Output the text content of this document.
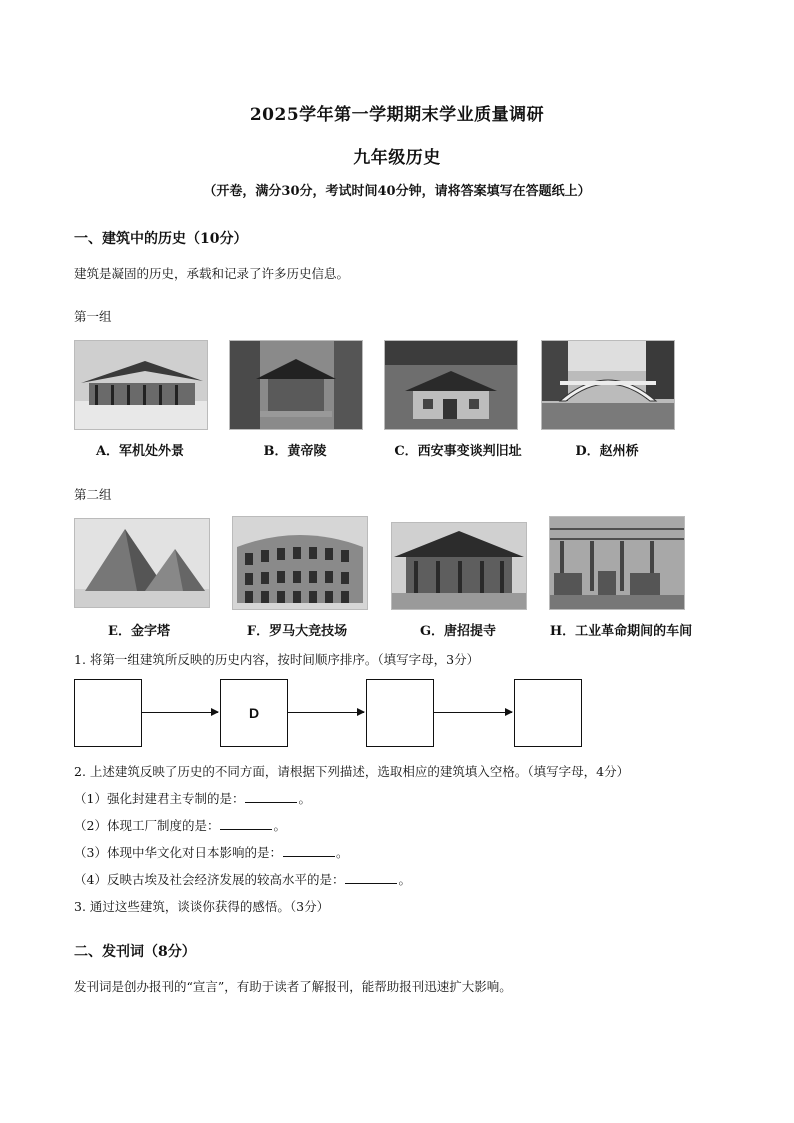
2025学年第一学期期末学业质量调研
九年级历史
（开卷，满分30分，考试时间40分钟，请将答案填写在答题纸上）
一、建筑中的历史（10分）
建筑是凝固的历史，承载和记录了许多历史信息。
第一组
A．军机处外景	B．黄帝陵	C．西安事变谈判旧址	D．赵州桥
第二组
E．金字塔	F．罗马大竞技场	G．唐招提寺	H．工业革命期间的车间
1. 将第一组建筑所反映的历史内容，按时间顺序排序。（填写字母，3分）
D
2. 上述建筑反映了历史的不同方面，请根据下列描述，选取相应的建筑填入空格。（填写字母，4分）
（1）强化封建君主专制的是：	。
（2）体现工厂制度的是：	。
（3）体现中华文化对日本影响的是：	。
（4）反映古埃及社会经济发展的较高水平的是：	。
3. 通过这些建筑，谈谈你获得的感悟。（3分）
二、发刊词（8分）
发刊词是创办报刊的“宣言”，有助于读者了解报刊，能帮助报刊迅速扩大影响。
